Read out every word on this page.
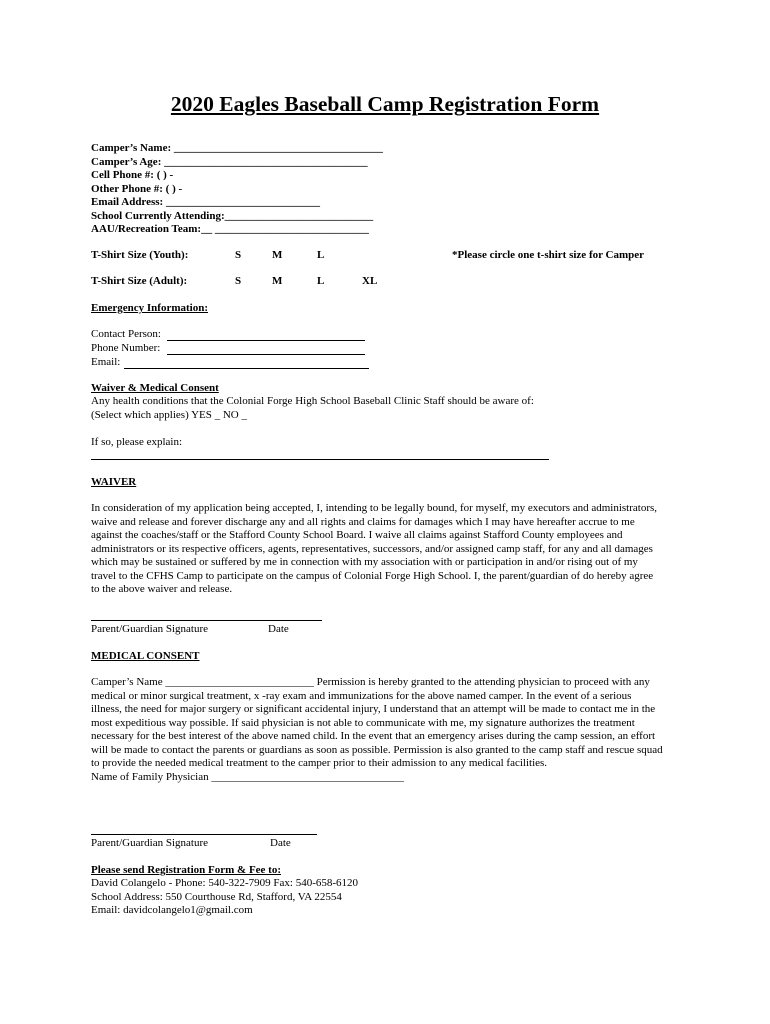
2020 Eagles Baseball Camp Registration Form
Camper’s Name: ______________________________________
Camper’s Age: _____________________________________
Cell Phone #: ( ) -
Other Phone #: ( ) -
Email Address: ____________________________
School Currently Attending:___________________________
AAU/Recreation Team:__ ____________________________
T-Shirt Size (Youth):	S	M	L	*Please circle one t-shirt size for Camper
T-Shirt Size (Adult):	S	M	L	XL
Emergency Information:
Contact Person:
Phone Number:
Email:
Waiver & Medical Consent
Any health conditions that the Colonial Forge High School Baseball Clinic Staff should be aware of:
(Select which applies) YES _ NO _
If so, please explain:
WAIVER
In consideration of my application being accepted, I, intending to be legally bound, for myself, my executors and administrators,
waive and release and forever discharge any and all rights and claims for damages which I may have hereafter accrue to me
against the coaches/staff or the Stafford County School Board. I waive all claims against Stafford County employees and
administrators or its respective officers, agents, representatives, successors, and/or assigned camp staff, for any and all damages
which may be sustained or suffered by me in connection with my association with or participation in and/or rising out of my
travel to the CFHS Camp to participate on the campus of Colonial Forge High School. I, the parent/guardian of do hereby agree
to the above waiver and release.
Parent/Guardian Signature	Date
MEDICAL CONSENT
Camper’s Name ___________________________ Permission is hereby granted to the attending physician to proceed with any
medical or minor surgical treatment, x -ray exam and immunizations for the above named camper. In the event of a serious
illness, the need for major surgery or significant accidental injury, I understand that an attempt will be made to contact me in the
most expeditious way possible. If said physician is not able to communicate with me, my signature authorizes the treatment
necessary for the best interest of the above named child. In the event that an emergency arises during the camp session, an effort
will be made to contact the parents or guardians as soon as possible. Permission is also granted to the camp staff and rescue squad
to provide the needed medical treatment to the camper prior to their admission to any medical facilities.
Name of Family Physician ___________________________________
Parent/Guardian Signature	Date
Please send Registration Form & Fee to:
David Colangelo - Phone: 540-322-7909 Fax: 540-658-6120
School Address: 550 Courthouse Rd, Stafford, VA 22554
Email: davidcolangelo1@gmail.com
